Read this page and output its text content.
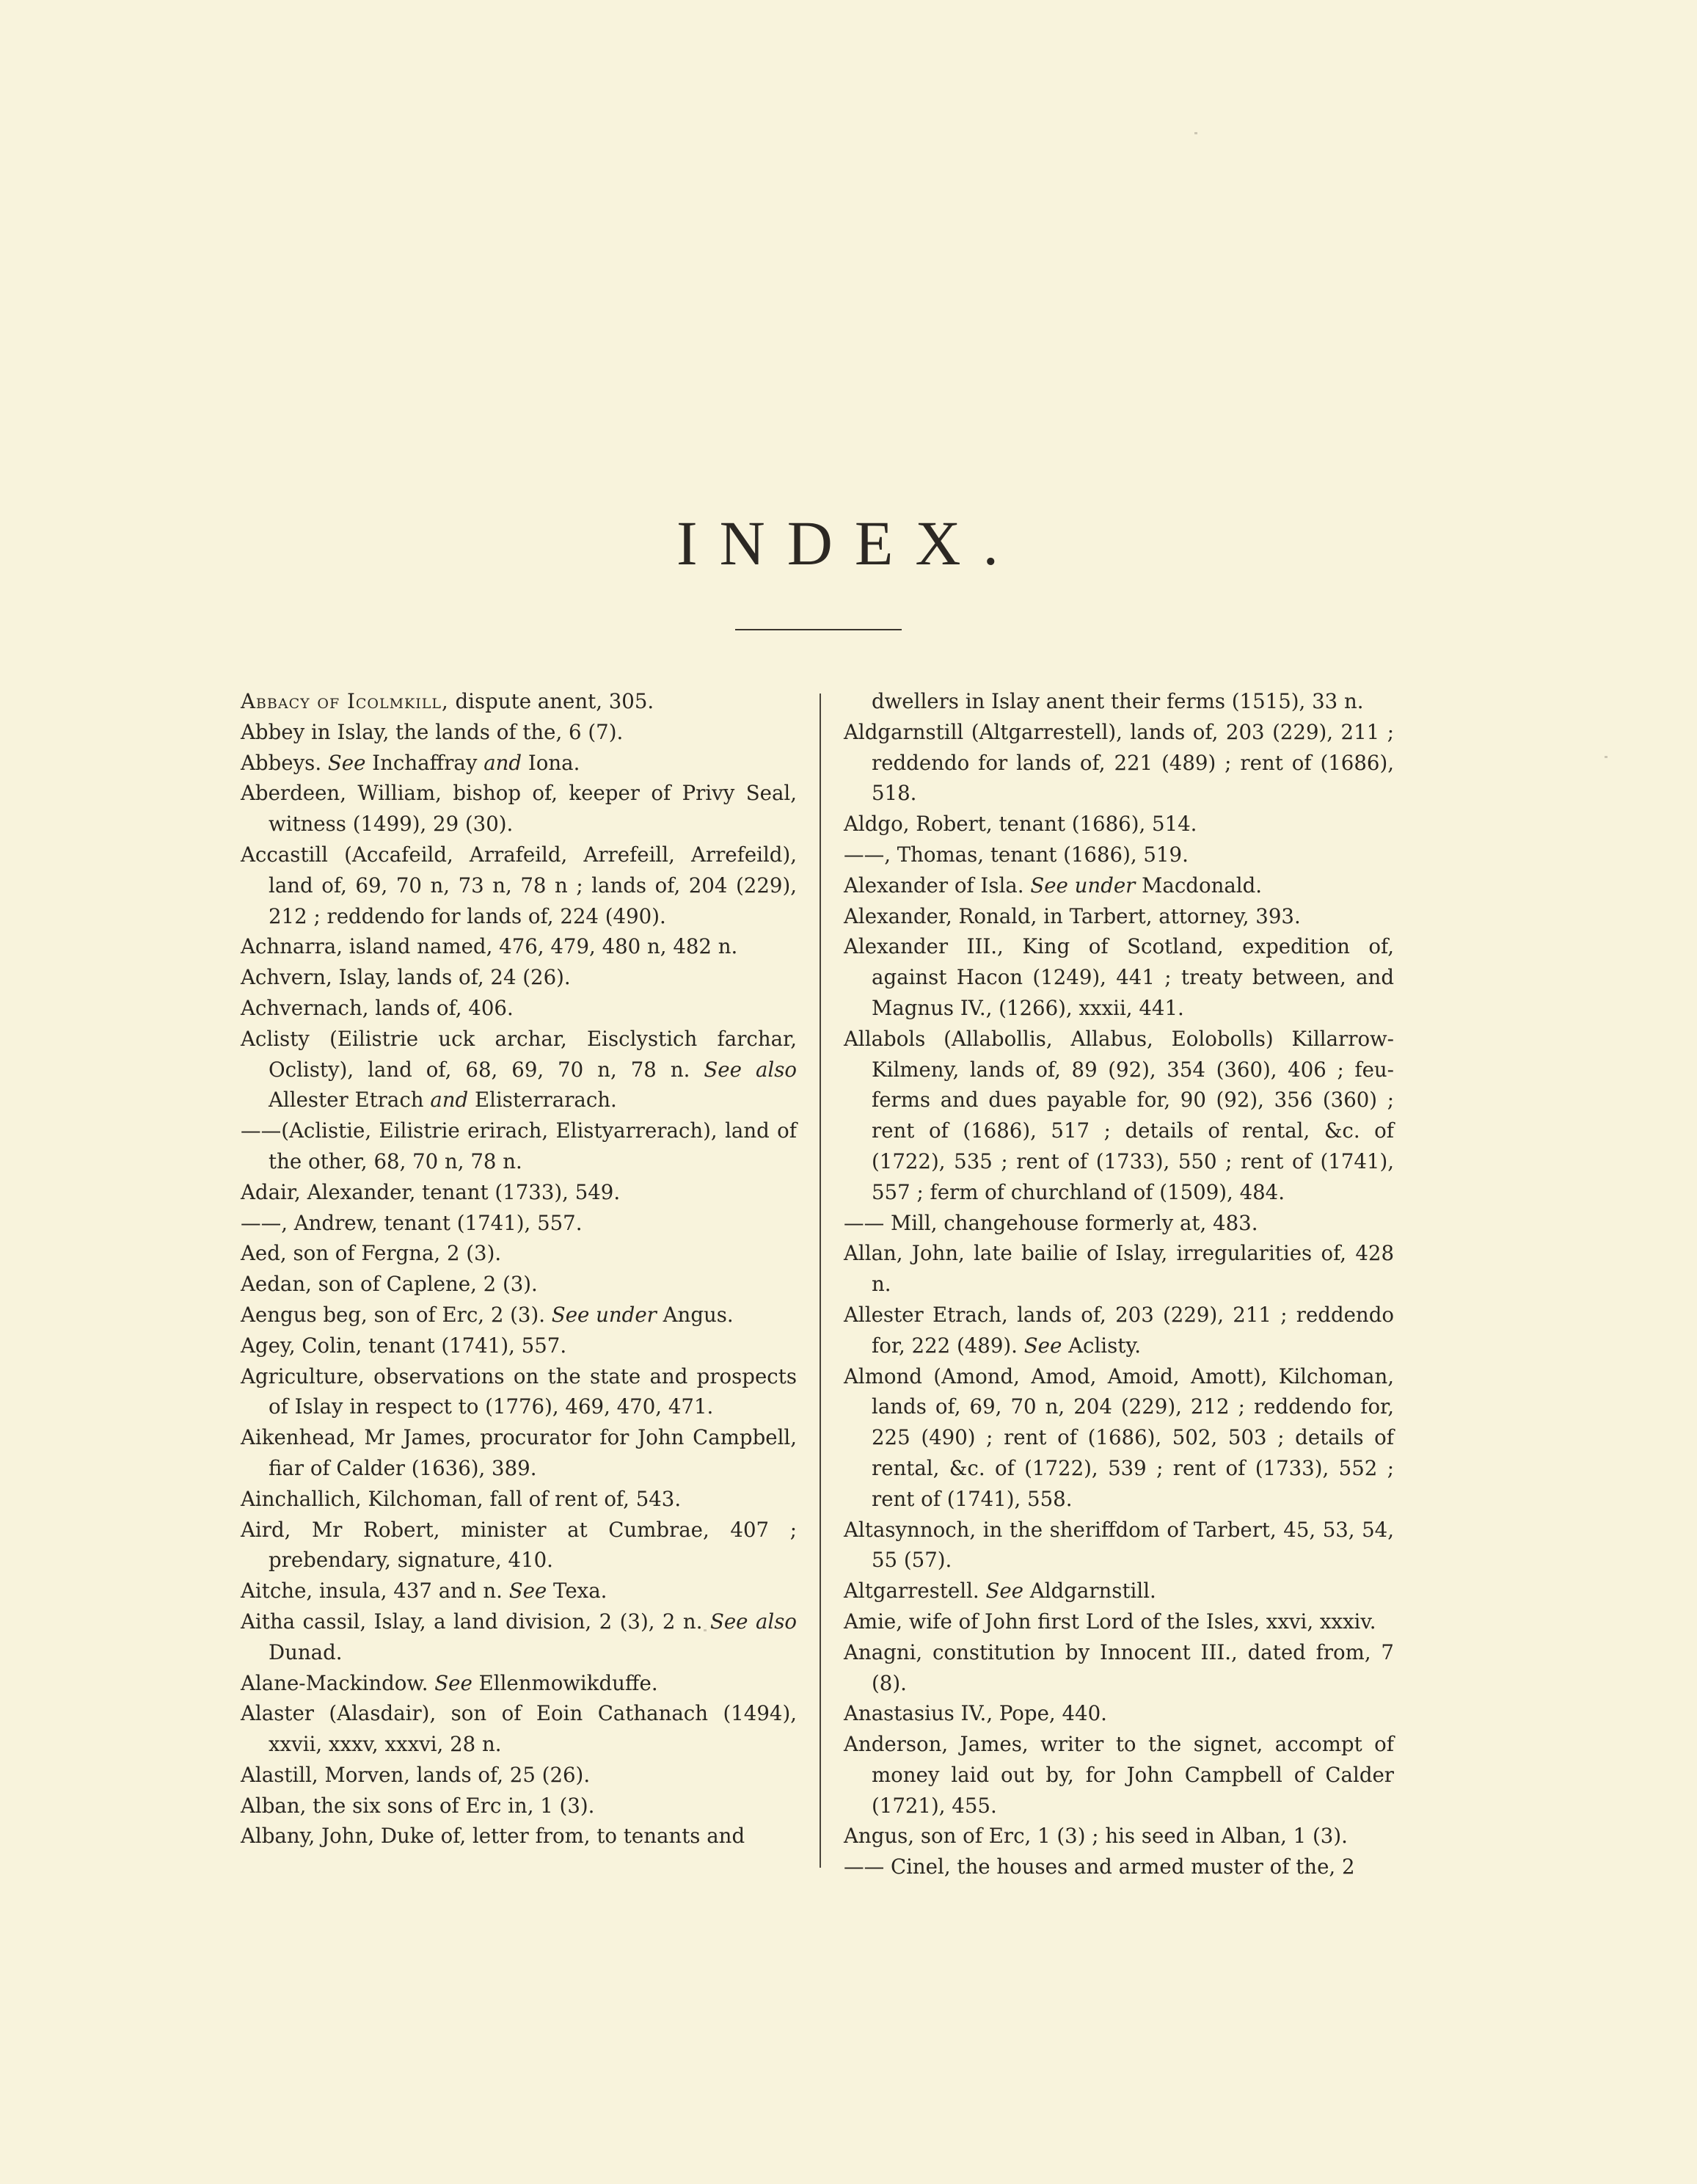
INDEX.
Abbacy of Icolmkill, dispute anent, 305.
Abbey in Islay, the lands of the, 6 (7).
Abbeys. See Inchaffray and Iona.
Aberdeen, William, bishop of, keeper of Privy Seal, witness (1499), 29 (30).
Accastill (Accafeild, Arrafeild, Arrefeill, Arrefeild), land of, 69, 70 n, 73 n, 78 n ; lands of, 204 (229), 212 ; reddendo for lands of, 224 (490).
Achnarra, island named, 476, 479, 480 n, 482 n.
Achvern, Islay, lands of, 24 (26).
Achvernach, lands of, 406.
Aclisty (Eilistrie uck archar, Eisclystich farchar, Oclisty), land of, 68, 69, 70 n, 78 n. See also Allester Etrach and Elisterrarach.
——(Aclistie, Eilistrie erirach, Elistyarrerach), land of the other, 68, 70 n, 78 n.
Adair, Alexander, tenant (1733), 549.
——, Andrew, tenant (1741), 557.
Aed, son of Fergna, 2 (3).
Aedan, son of Caplene, 2 (3).
Aengus beg, son of Erc, 2 (3). See under Angus.
Agey, Colin, tenant (1741), 557.
Agriculture, observations on the state and prospects of Islay in respect to (1776), 469, 470, 471.
Aikenhead, Mr James, procurator for John Campbell, fiar of Calder (1636), 389.
Ainchallich, Kilchoman, fall of rent of, 543.
Aird, Mr Robert, minister at Cumbrae, 407 ; prebendary, signature, 410.
Aitche, insula, 437 and n. See Texa.
Aitha cassil, Islay, a land division, 2 (3), 2 n. See also Dunad.
Alane-Mackindow. See Ellenmowikduffe.
Alaster (Alasdair), son of Eoin Cathanach (1494), xxvii, xxxv, xxxvi, 28 n.
Alastill, Morven, lands of, 25 (26).
Alban, the six sons of Erc in, 1 (3).
Albany, John, Duke of, letter from, to tenants and
dwellers in Islay anent their ferms (1515), 33 n.
Aldgarnstill (Altgarrestell), lands of, 203 (229), 211 ; reddendo for lands of, 221 (489) ; rent of (1686), 518.
Aldgo, Robert, tenant (1686), 514.
——, Thomas, tenant (1686), 519.
Alexander of Isla. See under Macdonald.
Alexander, Ronald, in Tarbert, attorney, 393.
Alexander III., King of Scotland, expedition of, against Hacon (1249), 441 ; treaty between, and Magnus IV., (1266), xxxii, 441.
Allabols (Allabollis, Allabus, Eolobolls) Killarrow-Kilmeny, lands of, 89 (92), 354 (360), 406 ; feu-ferms and dues payable for, 90 (92), 356 (360) ; rent of (1686), 517 ; details of rental, &c. of (1722), 535 ; rent of (1733), 550 ; rent of (1741), 557 ; ferm of churchland of (1509), 484.
—— Mill, changehouse formerly at, 483.
Allan, John, late bailie of Islay, irregularities of, 428 n.
Allester Etrach, lands of, 203 (229), 211 ; reddendo for, 222 (489). See Aclisty.
Almond (Amond, Amod, Amoid, Amott), Kilchoman, lands of, 69, 70 n, 204 (229), 212 ; reddendo for, 225 (490) ; rent of (1686), 502, 503 ; details of rental, &c. of (1722), 539 ; rent of (1733), 552 ; rent of (1741), 558.
Altasynnoch, in the sheriffdom of Tarbert, 45, 53, 54, 55 (57).
Altgarrestell. See Aldgarnstill.
Amie, wife of John first Lord of the Isles, xxvi, xxxiv.
Anagni, constitution by Innocent III., dated from, 7 (8).
Anastasius IV., Pope, 440.
Anderson, James, writer to the signet, accompt of money laid out by, for John Campbell of Calder (1721), 455.
Angus, son of Erc, 1 (3) ; his seed in Alban, 1 (3).
—— Cinel, the houses and armed muster of the, 2
